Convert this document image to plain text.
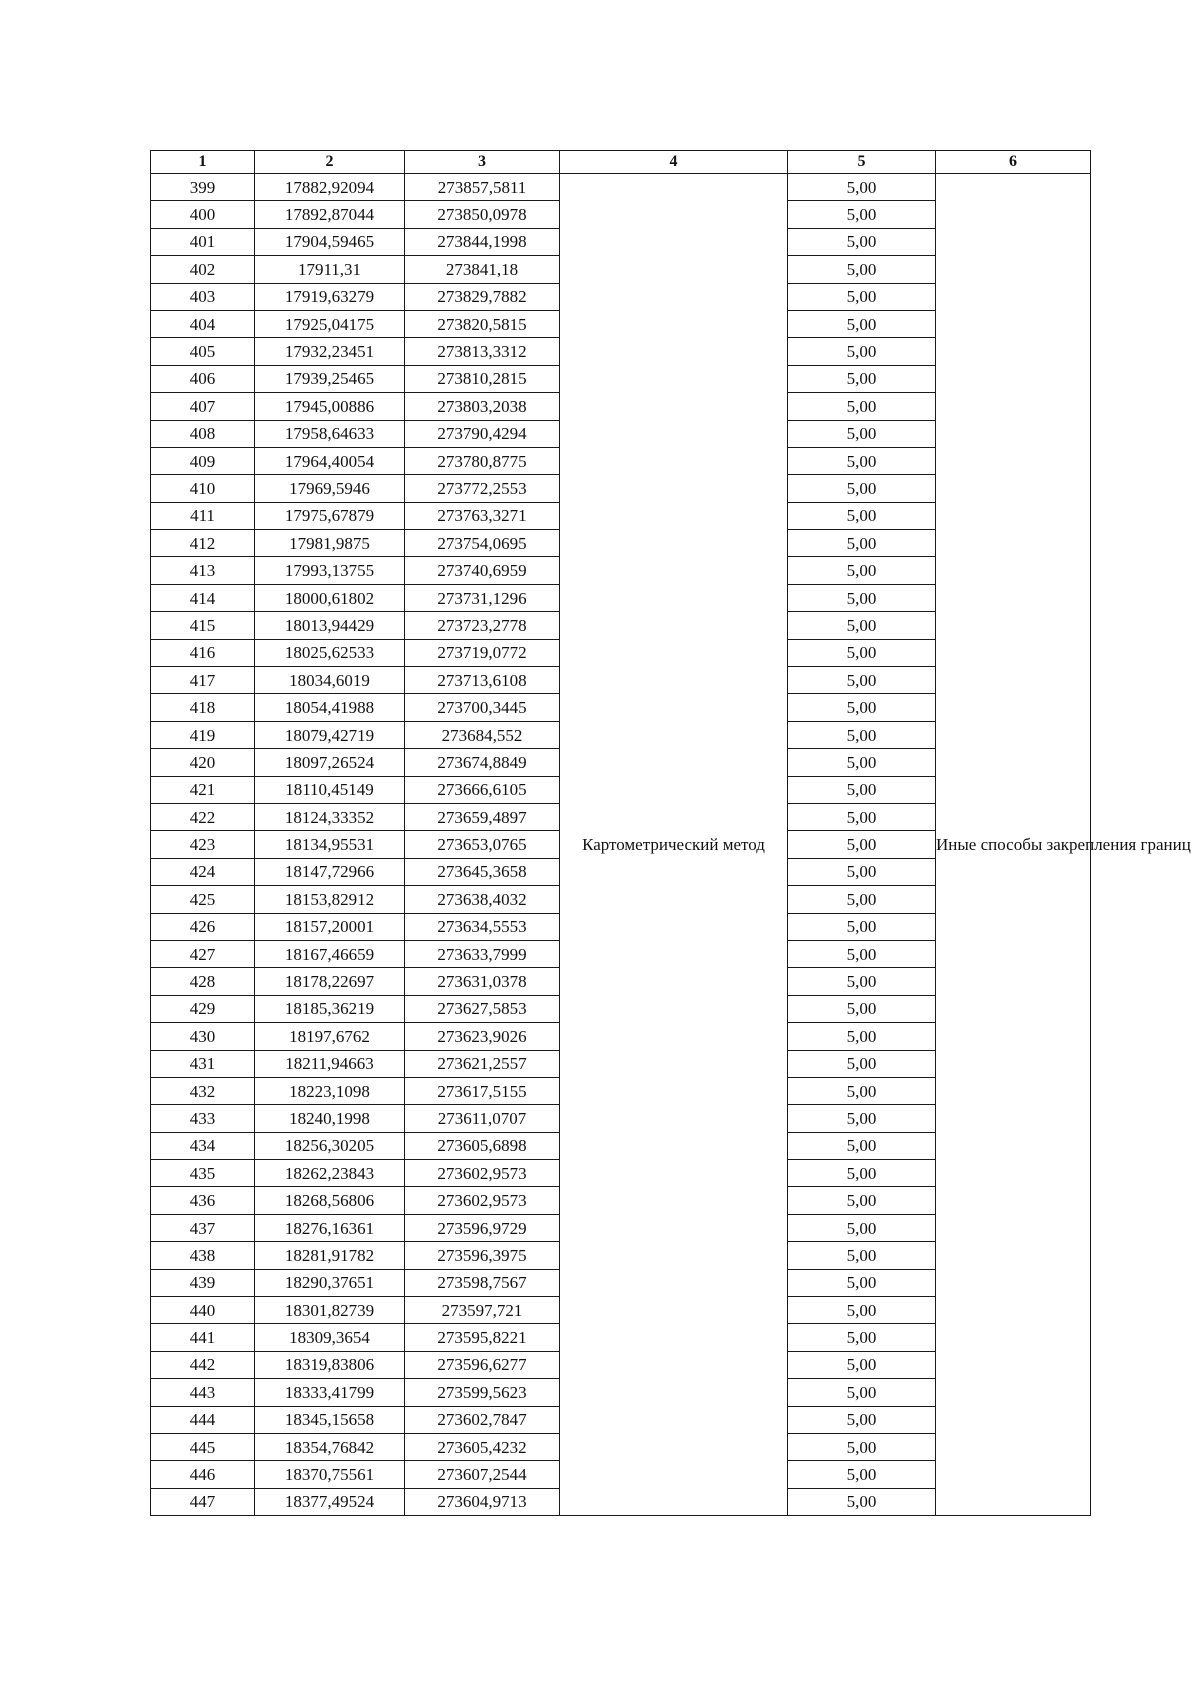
1	2	3	4	5	6
399	17882,92094	273857,5811	Картометрический метод	5,00	Иные способы закрепления границ
400	17892,87044	273850,0978		5,00	
401	17904,59465	273844,1998		5,00	
402	17911,31	273841,18		5,00	
403	17919,63279	273829,7882		5,00	
404	17925,04175	273820,5815		5,00	
405	17932,23451	273813,3312		5,00	
406	17939,25465	273810,2815		5,00	
407	17945,00886	273803,2038		5,00	
408	17958,64633	273790,4294		5,00	
409	17964,40054	273780,8775		5,00	
410	17969,5946	273772,2553		5,00	
411	17975,67879	273763,3271		5,00	
412	17981,9875	273754,0695		5,00	
413	17993,13755	273740,6959		5,00	
414	18000,61802	273731,1296		5,00	
415	18013,94429	273723,2778		5,00	
416	18025,62533	273719,0772		5,00	
417	18034,6019	273713,6108		5,00	
418	18054,41988	273700,3445		5,00	
419	18079,42719	273684,552		5,00	
420	18097,26524	273674,8849		5,00	
421	18110,45149	273666,6105		5,00	
422	18124,33352	273659,4897		5,00	
423	18134,95531	273653,0765		5,00	
424	18147,72966	273645,3658		5,00	
425	18153,82912	273638,4032		5,00	
426	18157,20001	273634,5553		5,00	
427	18167,46659	273633,7999		5,00	
428	18178,22697	273631,0378		5,00	
429	18185,36219	273627,5853		5,00	
430	18197,6762	273623,9026		5,00	
431	18211,94663	273621,2557		5,00	
432	18223,1098	273617,5155		5,00	
433	18240,1998	273611,0707		5,00	
434	18256,30205	273605,6898		5,00	
435	18262,23843	273602,9573		5,00	
436	18268,56806	273602,9573		5,00	
437	18276,16361	273596,9729		5,00	
438	18281,91782	273596,3975		5,00	
439	18290,37651	273598,7567		5,00	
440	18301,82739	273597,721		5,00	
441	18309,3654	273595,8221		5,00	
442	18319,83806	273596,6277		5,00	
443	18333,41799	273599,5623		5,00	
444	18345,15658	273602,7847		5,00	
445	18354,76842	273605,4232		5,00	
446	18370,75561	273607,2544		5,00	
447	18377,49524	273604,9713		5,00	
